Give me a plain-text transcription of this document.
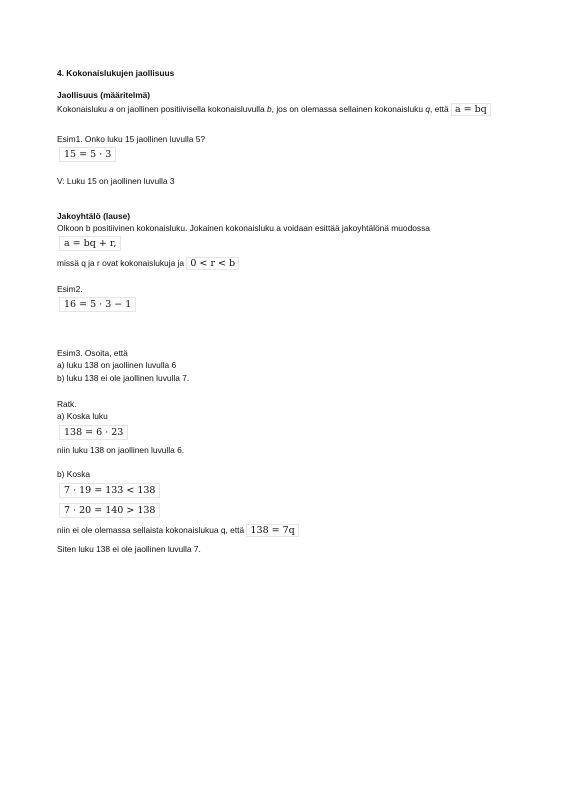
4. Kokonaislukujen jaollisuus
Jaollisuus (määritelmä)
Kokonaisluku a on jaollinen positiivisella kokonaisluvulla b, jos on olemassa sellainen kokonaisluku q, että a = bq
Esim1. Onko luku 15 jaollinen luvulla 5?
15 = 5 · 3
V: Luku 15 on jaollinen luvulla 3
Jakoyhtälö (lause)
Olkoon b positiivinen kokonaisluku. Jokainen kokonaisluku a voidaan esittää jakoyhtälönä muodossa
a = bq + r,
missä q ja r ovat kokonaislukuja ja 0 < r < b
Esim2.
16 = 5 · 3 − 1
Esim3. Osoita, että
a) luku 138 on jaollinen luvulla 6
b) luku 138 ei ole jaollinen luvulla 7.
Ratk.
a) Koska luku
138 = 6 · 23
niin luku 138 on jaollinen luvulla 6.
b) Koska
7 · 19 = 133 < 138
7 · 20 = 140 > 138
niin ei ole olemassa sellaista kokonaislukua q, että 138 = 7q
Siten luku 138 ei ole jaollinen luvulla 7.
